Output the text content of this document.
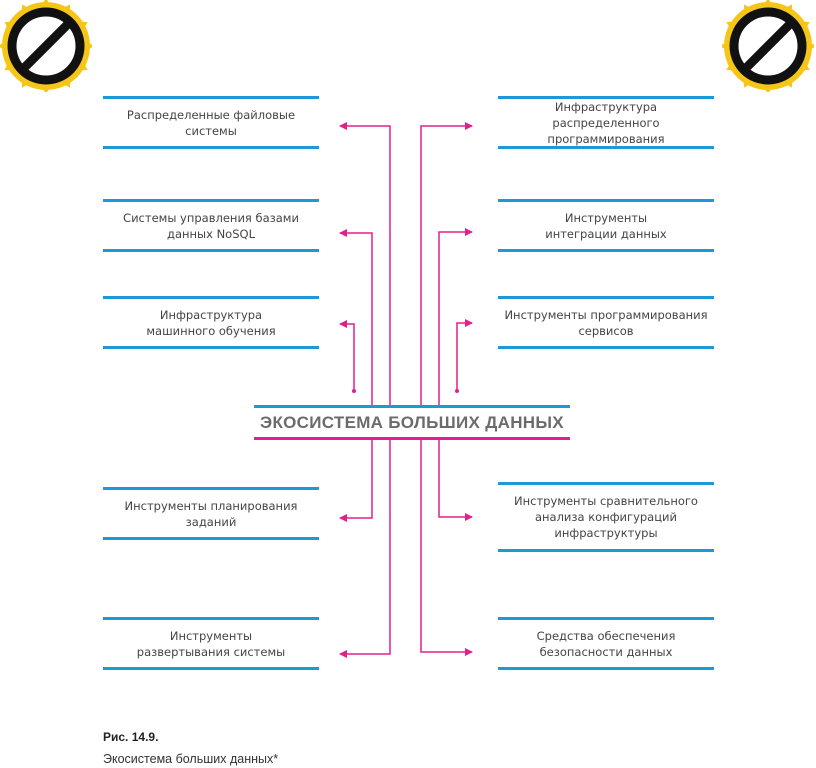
Распределенные файловые
системы
Системы управления базами
данных NoSQL
Инфраструктура
машинного обучения
Инструменты планирования
заданий
Инструменты
развертывания системы
Инфраструктура распределенного
программирования
Инструменты
интеграции данных
Инструменты программирования
сервисов
Инструменты сравнительного
анализа конфигураций
инфраструктуры
Средства обеспечения
безопасности данных
ЭКОСИСТЕМА БОЛЬШИХ ДАННЫХ
Рис. 14.9.
Экосистема больших данных*
